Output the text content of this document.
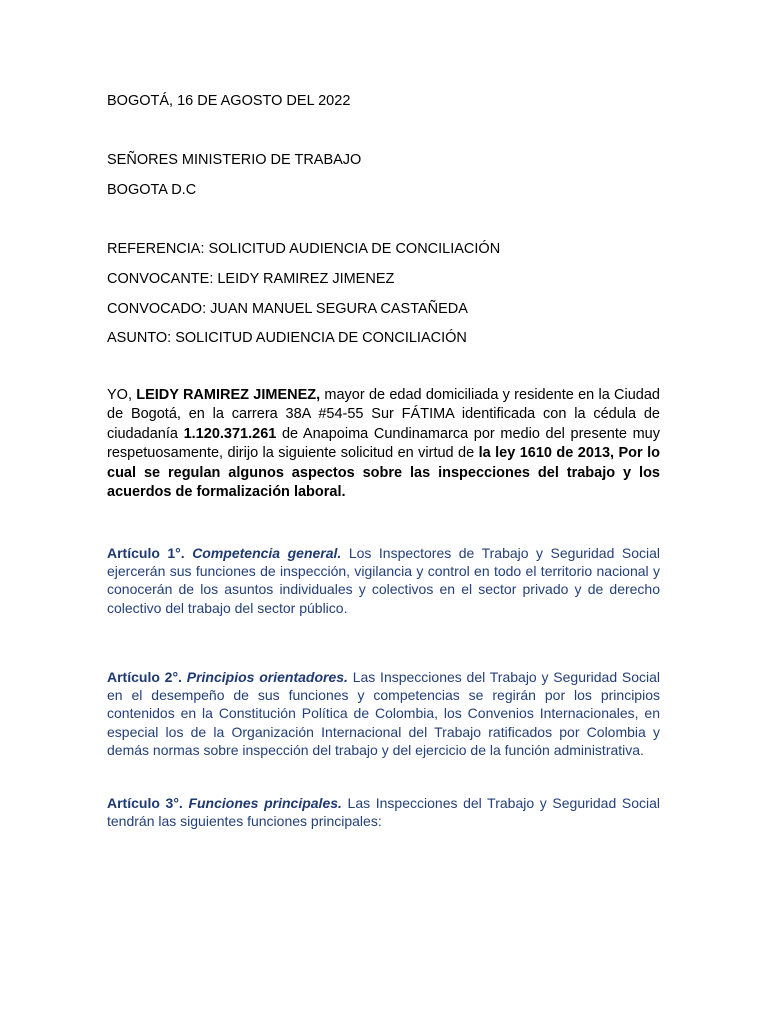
BOGOTÁ, 16 DE AGOSTO DEL 2022
SEÑORES MINISTERIO DE TRABAJO
BOGOTA D.C
REFERENCIA: SOLICITUD AUDIENCIA DE CONCILIACIÓN
CONVOCANTE: LEIDY RAMIREZ JIMENEZ
CONVOCADO: JUAN MANUEL SEGURA CASTAÑEDA
ASUNTO: SOLICITUD AUDIENCIA DE CONCILIACIÓN
YO, LEIDY RAMIREZ JIMENEZ, mayor de edad domiciliada y residente en la Ciudad de Bogotá, en la carrera 38A #54-55 Sur FÁTIMA identificada con la cédula de ciudadanía 1.120.371.261 de Anapoima Cundinamarca por medio del presente muy respetuosamente, dirijo la siguiente solicitud en virtud de la ley 1610 de 2013, Por lo cual se regulan algunos aspectos sobre las inspecciones del trabajo y los acuerdos de formalización laboral.
Artículo 1°. Competencia general. Los Inspectores de Trabajo y Seguridad Social ejercerán sus funciones de inspección, vigilancia y control en todo el territorio nacional y conocerán de los asuntos individuales y colectivos en el sector privado y de derecho colectivo del trabajo del sector público.
Artículo 2°. Principios orientadores. Las Inspecciones del Trabajo y Seguridad Social en el desempeño de sus funciones y competencias se regirán por los principios contenidos en la Constitución Política de Colombia, los Convenios Internacionales, en especial los de la Organización Internacional del Trabajo ratificados por Colombia y demás normas sobre inspección del trabajo y del ejercicio de la función administrativa.
Artículo 3°. Funciones principales. Las Inspecciones del Trabajo y Seguridad Social tendrán las siguientes funciones principales:
